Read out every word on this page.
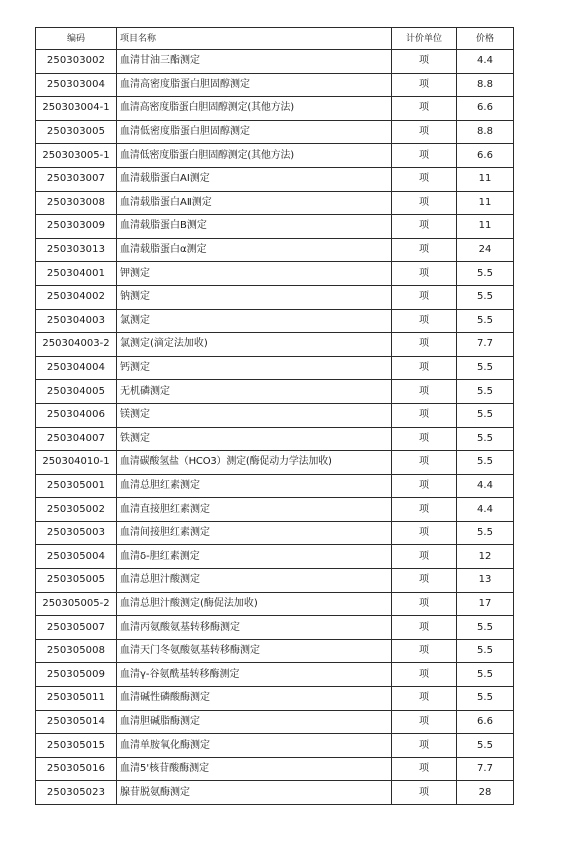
编码	项目名称	计价单位	价格
250303002	血清甘油三酯测定	项	4.4
250303004	血清高密度脂蛋白胆固醇测定	项	8.8
250303004-1	血清高密度脂蛋白胆固醇测定(其他方法)	项	6.6
250303005	血清低密度脂蛋白胆固醇测定	项	8.8
250303005-1	血清低密度脂蛋白胆固醇测定(其他方法)	项	6.6
250303007	血清载脂蛋白AⅠ测定	项	11
250303008	血清载脂蛋白AⅡ测定	项	11
250303009	血清载脂蛋白B测定	项	11
250303013	血清载脂蛋白α测定	项	24
250304001	钾测定	项	5.5
250304002	钠测定	项	5.5
250304003	氯测定	项	5.5
250304003-2	氯测定(滴定法加收)	项	7.7
250304004	钙测定	项	5.5
250304005	无机磷测定	项	5.5
250304006	镁测定	项	5.5
250304007	铁测定	项	5.5
250304010-1	血清碳酸氢盐（HCO3）测定(酶促动力学法加收)	项	5.5
250305001	血清总胆红素测定	项	4.4
250305002	血清直接胆红素测定	项	4.4
250305003	血清间接胆红素测定	项	5.5
250305004	血清δ-胆红素测定	项	12
250305005	血清总胆汁酸测定	项	13
250305005-2	血清总胆汁酸测定(酶促法加收)	项	17
250305007	血清丙氨酸氨基转移酶测定	项	5.5
250305008	血清天门冬氨酸氨基转移酶测定	项	5.5
250305009	血清γ-谷氨酰基转移酶测定	项	5.5
250305011	血清碱性磷酸酶测定	项	5.5
250305014	血清胆碱脂酶测定	项	6.6
250305015	血清单胺氧化酶测定	项	5.5
250305016	血清5'核苷酸酶测定	项	7.7
250305023	腺苷脱氨酶测定	项	28
